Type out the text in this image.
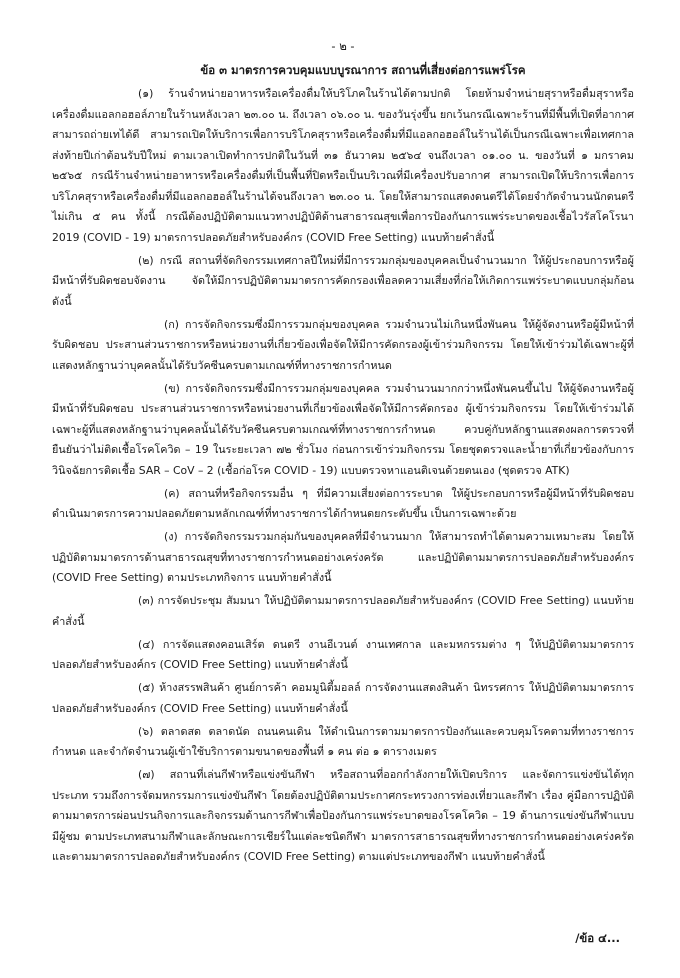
- ๒ -
ข้อ ๓ มาตรการควบคุมแบบบูรณาการ สถานที่เสี่ยงต่อการแพร่โรค

(๑) ร้านจำหน่ายอาหารหรือเครื่องดื่มให้บริโภคในร้านได้ตามปกติ โดยห้ามจำหน่ายสุราหรือดื่มสุราหรือเครื่องดื่มแอลกอฮอล์ภายในร้านหลังเวลา ๒๓.๐๐ น. ถึงเวลา ๐๖.๐๐ น. ของวันรุ่งขึ้น ยกเว้นกรณีเฉพาะร้านที่มีพื้นที่เปิดที่อากาศสามารถถ่ายเทได้ดี สามารถเปิดให้บริการเพื่อการบริโภคสุราหรือเครื่องดื่มที่มีแอลกอฮอล์ในร้านได้เป็นกรณีเฉพาะเพื่อเทศกาลส่งท้ายปีเก่าต้อนรับปีใหม่ ตามเวลาเปิดทำการปกติในวันที่ ๓๑ ธันวาคม ๒๕๖๔ จนถึงเวลา ๐๑.๐๐ น. ของวันที่ ๑ มกราคม ๒๕๖๕ กรณีร้านจำหน่ายอาหารหรือเครื่องดื่มที่เป็นพื้นที่ปิดหรือเป็นบริเวณที่มีเครื่องปรับอากาศ สามารถเปิดให้บริการเพื่อการบริโภคสุราหรือเครื่องดื่มที่มีแอลกอฮอล์ในร้านได้จนถึงเวลา ๒๓.๐๐ น. โดยให้สามารถแสดงดนตรีได้โดยจำกัดจำนวนนักดนตรีไม่เกิน ๕ คน ทั้งนี้ กรณีต้องปฏิบัติตามแนวทางปฏิบัติด้านสาธารณสุขเพื่อการป้องกันการแพร่ระบาดของเชื้อไวรัสโคโรนา 2019 (COVID - 19) มาตรการปลอดภัยสำหรับองค์กร (COVID Free Setting) แนบท้ายคำสั่งนี้

(๒) กรณี สถานที่จัดกิจกรรมเทศกาลปีใหม่ที่มีการรวมกลุ่มของบุคคลเป็นจำนวนมาก ให้ผู้ประกอบการหรือผู้มีหน้าที่รับผิดชอบจัดงาน จัดให้มีการปฏิบัติตามมาตรการคัดกรองเพื่อลดความเสี่ยงที่ก่อให้เกิดการแพร่ระบาดแบบกลุ่มก้อน ดังนี้

(ก) การจัดกิจกรรมซึ่งมีการรวมกลุ่มของบุคคล รวมจำนวนไม่เกินหนึ่งพันคน ให้ผู้จัดงานหรือผู้มีหน้าที่รับผิดชอบ ประสานส่วนราชการหรือหน่วยงานที่เกี่ยวข้องเพื่อจัดให้มีการคัดกรองผู้เข้าร่วมกิจกรรม โดยให้เข้าร่วมได้เฉพาะผู้ที่แสดงหลักฐานว่าบุคคลนั้นได้รับวัคซีนครบตามเกณฑ์ที่ทางราชการกำหนด

(ข) การจัดกิจกรรมซึ่งมีการรวมกลุ่มของบุคคล รวมจำนวนมากกว่าหนึ่งพันคนขึ้นไป ให้ผู้จัดงานหรือผู้มีหน้าที่รับผิดชอบ ประสานส่วนราชการหรือหน่วยงานที่เกี่ยวข้องเพื่อจัดให้มีการคัดกรอง ผู้เข้าร่วมกิจกรรม โดยให้เข้าร่วมได้เฉพาะผู้ที่แสดงหลักฐานว่าบุคคลนั้นได้รับวัคซีนครบตามเกณฑ์ที่ทางราชการกำหนด ควบคู่กับหลักฐานแสดงผลการตรวจที่ยืนยันว่าไม่ติดเชื้อโรคโควิด – 19 ในระยะเวลา ๗๒ ชั่วโมง ก่อนการเข้าร่วมกิจกรรม โดยชุดตรวจและน้ำยาที่เกี่ยวข้องกับการวินิจฉัยการติดเชื้อ SAR – CoV – 2 (เชื้อก่อโรค COVID - 19) แบบตรวจหาแอนติเจนด้วยตนเอง (ชุดตรวจ ATK)

(ค) สถานที่หรือกิจกรรมอื่น ๆ ที่มีความเสี่ยงต่อการระบาด ให้ผู้ประกอบการหรือผู้มีหน้าที่รับผิดชอบ ดำเนินมาตรการความปลอดภัยตามหลักเกณฑ์ที่ทางราชการได้กำหนดยกระดับขึ้น เป็นการเฉพาะด้วย

(ง) การจัดกิจกรรมรวมกลุ่มกันของบุคคลที่มีจำนวนมาก ให้สามารถทำได้ตามความเหมาะสม โดยให้ปฏิบัติตามมาตรการด้านสาธารณสุขที่ทางราชการกำหนดอย่างเคร่งครัด และปฏิบัติตามมาตรการปลอดภัยสำหรับองค์กร (COVID Free Setting) ตามประเภทกิจการ แนบท้ายคำสั่งนี้

(๓) การจัดประชุม สัมมนา ให้ปฏิบัติตามมาตรการปลอดภัยสำหรับองค์กร (COVID Free Setting) แนบท้ายคำสั่งนี้

(๔) การจัดแสดงคอนเสิร์ต ดนตรี งานอีเวนต์ งานเทศกาล และมหกรรมต่าง ๆ ให้ปฏิบัติตามมาตรการปลอดภัยสำหรับองค์กร (COVID Free Setting) แนบท้ายคำสั่งนี้

(๕) ห้างสรรพสินค้า ศูนย์การค้า คอมมูนิตี้มอลล์ การจัดงานแสดงสินค้า นิทรรศการ ให้ปฏิบัติตามมาตรการปลอดภัยสำหรับองค์กร (COVID Free Setting) แนบท้ายคำสั่งนี้

(๖) ตลาดสด ตลาดนัด ถนนคนเดิน ให้ดำเนินการตามมาตรการป้องกันและควบคุมโรคตามที่ทางราชการกำหนด และจำกัดจำนวนผู้เข้าใช้บริการตามขนาดของพื้นที่ ๑ คน ต่อ ๑ ตารางเมตร

(๗) สถานที่เล่นกีฬาหรือแข่งขันกีฬา หรือสถานที่ออกกำลังกายให้เปิดบริการ และจัดการแข่งขันได้ทุกประเภท รวมถึงการจัดมหกรรมการแข่งขันกีฬา โดยต้องปฏิบัติตามประกาศกระทรวงการท่องเที่ยวและกีฬา เรื่อง คู่มือการปฏิบัติตามมาตรการผ่อนปรนกิจการและกิจกรรมด้านการกีฬาเพื่อป้องกันการแพร่ระบาดของโรคโควิด – 19 ด้านการแข่งขันกีฬาแบบมีผู้ชม ตามประเภทสนามกีฬาและลักษณะการเชียร์ในแต่ละชนิดกีฬา มาตรการสาธารณสุขที่ทางราชการกำหนดอย่างเคร่งครัด และตามมาตรการปลอดภัยสำหรับองค์กร (COVID Free Setting) ตามแต่ประเภทของกีฬา แนบท้ายคำสั่งนี้

/ข้อ ๔...
